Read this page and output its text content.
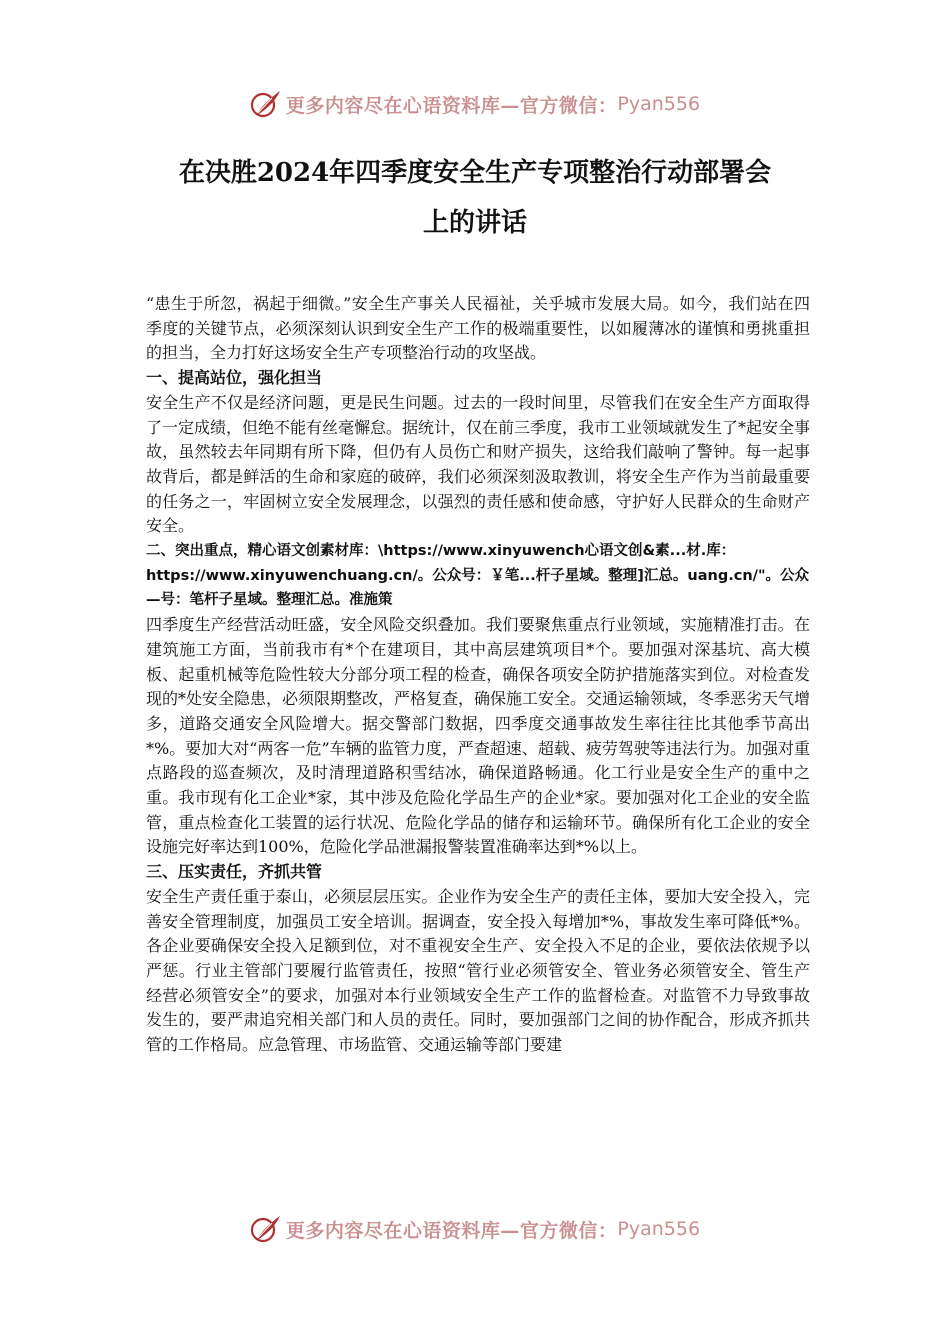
更多内容尽在心语资料库—官方微信： Pyan556
在决胜2024年四季度安全生产专项整治行动部署会
上的讲话

“患生于所忽，祸起于细微。”安全生产事关人民福祉，关乎城市发展大局。如今，我们站在四季度的关键节点，必须深刻认识到安全生产工作的极端重要性，以如履薄冰的谨慎和勇挑重担的担当，全力打好这场安全生产专项整治行动的攻坚战。

一、提高站位，强化担当

安全生产不仅是经济问题，更是民生问题。过去的一段时间里，尽管我们在安全生产方面取得了一定成绩，但绝不能有丝毫懈怠。据统计，仅在前三季度，我市工业领域就发生了*起安全事故，虽然较去年同期有所下降，但仍有人员伤亡和财产损失，这给我们敲响了警钟。每一起事故背后，都是鲜活的生命和家庭的破碎，我们必须深刻汲取教训，将安全生产作为当前最重要的任务之一，牢固树立安全发展理念，以强烈的责任感和使命感，守护好人民群众的生命财产安全。

二、突出重点，精心语文创素材库：\https://www.xinyuwench心语文创&素...材.库：https://www.xinyuwenchuang.cn/。公众号：￥笔...杆子星域。整理]汇总。uang.cn/"。公众—号：笔杆子星域。整理汇总。准施策

四季度生产经营活动旺盛，安全风险交织叠加。我们要聚焦重点行业领域，实施精准打击。在建筑施工方面，当前我市有*个在建项目，其中高层建筑项目*个。要加强对深基坑、高大模板、起重机械等危险性较大分部分项工程的检查，确保各项安全防护措施落实到位。对检查发现的*处安全隐患，必须限期整改，严格复查，确保施工安全。交通运输领域，冬季恶劣天气增多，道路交通安全风险增大。据交警部门数据，四季度交通事故发生率往往比其他季节高出*%。要加大对“两客一危”车辆的监管力度，严查超速、超载、疲劳驾驶等违法行为。加强对重点路段的巡查频次，及时清理道路积雪结冰，确保道路畅通。化工行业是安全生产的重中之重。我市现有化工企业*家，其中涉及危险化学品生产的企业*家。要加强对化工企业的安全监管，重点检查化工装置的运行状况、危险化学品的储存和运输环节。确保所有化工企业的安全设施完好率达到100%，危险化学品泄漏报警装置准确率达到*%以上。

三、压实责任，齐抓共管

安全生产责任重于泰山，必须层层压实。企业作为安全生产的责任主体，要加大安全投入，完善安全管理制度，加强员工安全培训。据调查，安全投入每增加*%，事故发生率可降低*%。各企业要确保安全投入足额到位，对不重视安全生产、安全投入不足的企业，要依法依规予以严惩。行业主管部门要履行监管责任，按照“管行业必须管安全、管业务必须管安全、管生产经营必须管安全”的要求，加强对本行业领域安全生产工作的监督检查。对监管不力导致事故发生的，要严肃追究相关部门和人员的责任。同时，要加强部门之间的协作配合，形成齐抓共管的工作格局。应急管理、市场监管、交通运输等部门要建

更多内容尽在心语资料库—官方微信： Pyan556
